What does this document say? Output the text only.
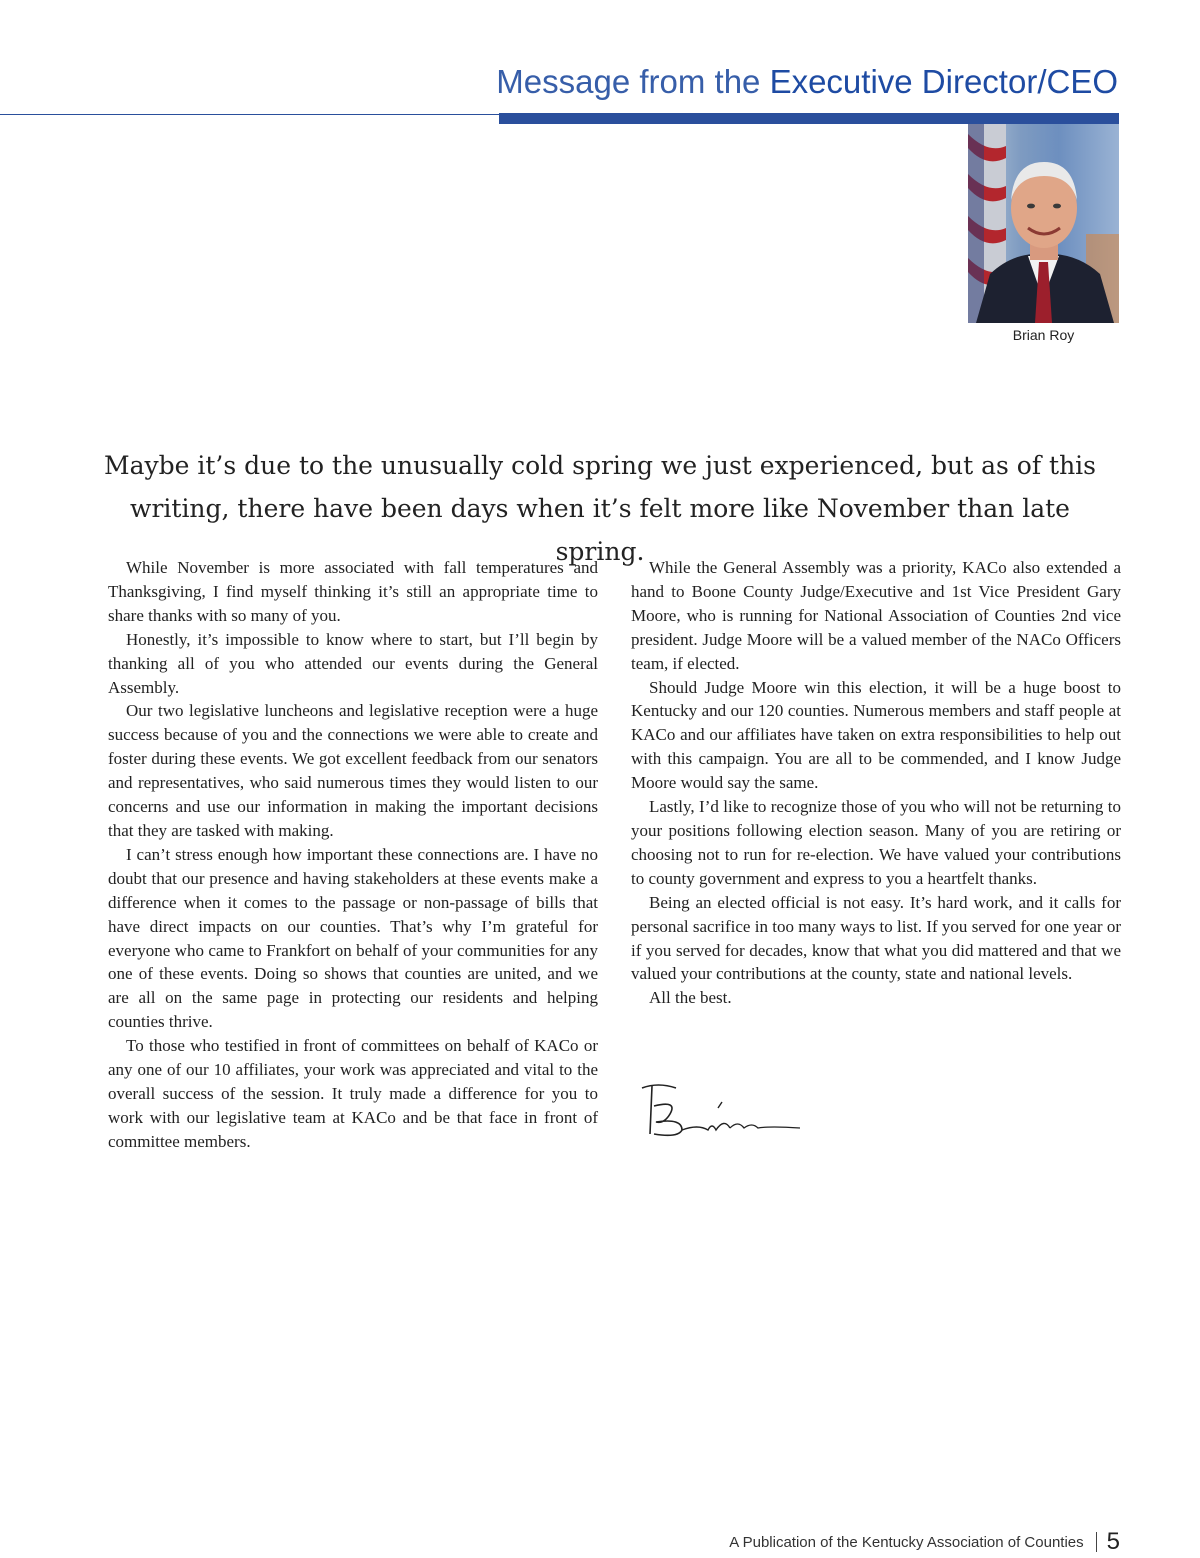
Message from the Executive Director/CEO
Brian Roy

Maybe it’s due to the unusually cold spring we just experienced, but as of this writing, there have been days when it’s felt more like November than late spring.

While November is more associated with fall temperatures and Thanksgiving, I find myself thinking it’s still an appropriate time to share thanks with so many of you.

Honestly, it’s impossible to know where to start, but I’ll begin by thanking all of you who attended our events during the General Assembly.

Our two legislative luncheons and legislative reception were a huge success because of you and the connections we were able to create and foster during these events. We got excellent feedback from our senators and representatives, who said numerous times they would listen to our concerns and use our information in making the important decisions that they are tasked with making.

I can’t stress enough how important these connections are. I have no doubt that our presence and having stakeholders at these events make a difference when it comes to the passage or non-passage of bills that have direct impacts on our counties. That’s why I’m grateful for everyone who came to Frankfort on behalf of your communities for any one of these events. Doing so shows that counties are united, and we are all on the same page in protecting our residents and helping counties thrive.

To those who testified in front of committees on behalf of KACo or any one of our 10 affiliates, your work was appreciated and vital to the overall success of the session. It truly made a difference for you to work with our legislative team at KACo and be that face in front of committee members.

While the General Assembly was a priority, KACo also extended a hand to Boone County Judge/Executive and 1st Vice President Gary Moore, who is running for National Association of Counties 2nd vice president. Judge Moore will be a valued member of the NACo Officers team, if elected.

Should Judge Moore win this election, it will be a huge boost to Kentucky and our 120 counties. Numerous members and staff people at KACo and our affiliates have taken on extra responsibilities to help out with this campaign. You are all to be commended, and I know Judge Moore would say the same.

Lastly, I’d like to recognize those of you who will not be returning to your positions following election season. Many of you are retiring or choosing not to run for re-election. We have valued your contributions to county government and express to you a heartfelt thanks.

Being an elected official is not easy. It’s hard work, and it calls for personal sacrifice in too many ways to list. If you served for one year or if you served for decades, know that what you did mattered and that we valued your contributions at the county, state and national levels.

All the best.

A Publication of the Kentucky Association of Counties 5
